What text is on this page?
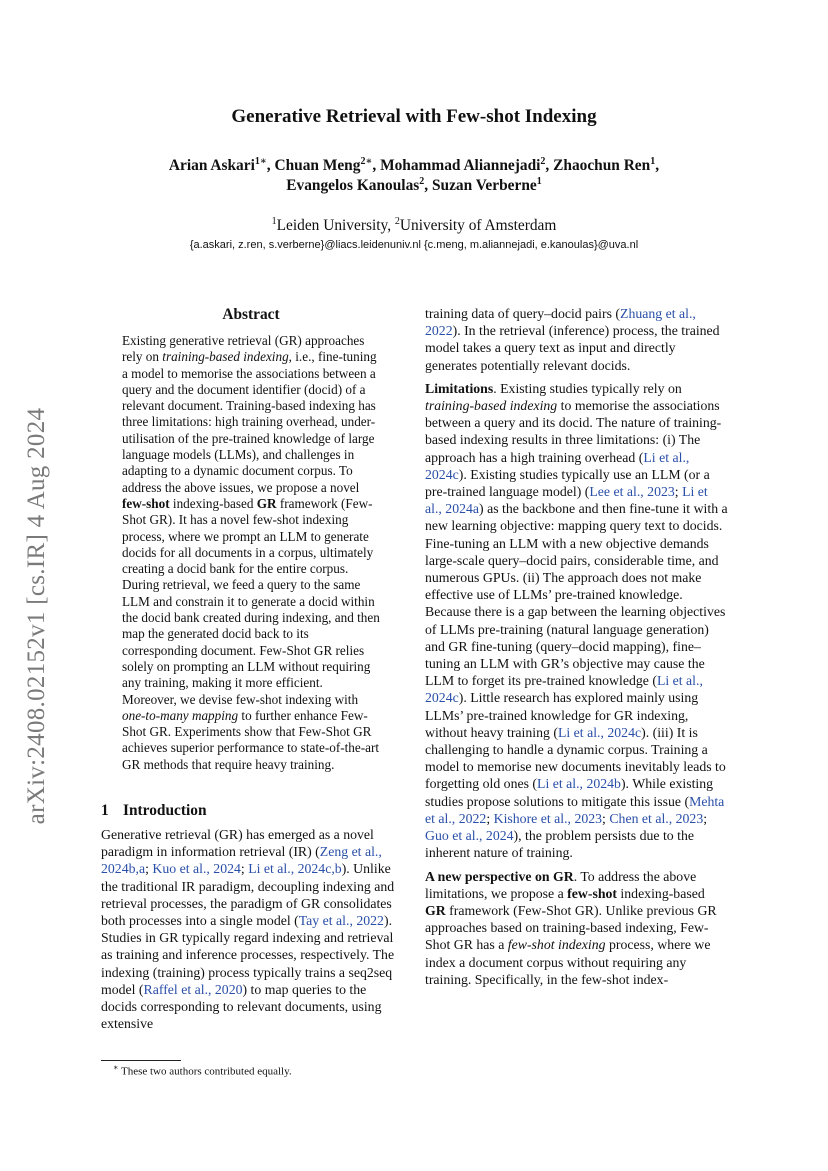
arXiv:2408.02152v1 [cs.IR] 4 Aug 2024
Generative Retrieval with Few-shot Indexing
Arian Askari$^{1∗}$, Chuan Meng$^{2∗}$, Mohammad Aliannejadi$^2$, Zhaochun Ren$^1$,
Evangelos Kanoulas$^2$, Suzan Verberne$^1$
$^1$Leiden University, $^2$University of Amsterdam
{a.askari, z.ren, s.verberne}@liacs.leidenuniv.nl {c.meng, m.aliannejadi, e.kanoulas}@uva.nl
Abstract

Existing generative retrieval (GR) approaches rely on training-based indexing, i.e., fine-tuning a model to memorise the associations between a query and the document identifier (docid) of a relevant document. Training-based indexing has three limitations: high training overhead, under-utilisation of the pre-trained knowledge of large language models (LLMs), and challenges in adapting to a dynamic document corpus. To address the above issues, we propose a novel few-shot indexing-based GR framework (Few-Shot GR). It has a novel few-shot indexing process, where we prompt an LLM to generate docids for all documents in a corpus, ultimately creating a docid bank for the entire corpus. During retrieval, we feed a query to the same LLM and constrain it to generate a docid within the docid bank created during indexing, and then map the generated docid back to its corresponding document. Few-Shot GR relies solely on prompting an LLM without requiring any training, making it more efficient. Moreover, we devise few-shot indexing with one-to-many mapping to further enhance Few-Shot GR. Experiments show that Few-Shot GR achieves superior performance to state-of-the-art GR methods that require heavy training.

1 Introduction

Generative retrieval (GR) has emerged as a novel paradigm in information retrieval (IR) (Zeng et al., 2024b,a; Kuo et al., 2024; Li et al., 2024c,b). Unlike the traditional IR paradigm, decoupling indexing and retrieval processes, the paradigm of GR consolidates both processes into a single model (Tay et al., 2022). Studies in GR typically regard indexing and retrieval as training and inference processes, respectively. The indexing (training) process typically trains a seq2seq model (Raffel et al., 2020) to map queries to the docids corresponding to relevant documents, using extensive

training data of query–docid pairs (Zhuang et al., 2022). In the retrieval (inference) process, the trained model takes a query text as input and directly generates potentially relevant docids.

Limitations. Existing studies typically rely on training-based indexing to memorise the associations between a query and its docid. The nature of training-based indexing results in three limitations: (i) The approach has a high training overhead (Li et al., 2024c). Existing studies typically use an LLM (or a pre-trained language model) (Lee et al., 2023; Li et al., 2024a) as the backbone and then fine-tune it with a new learning objective: mapping query text to docids. Fine-tuning an LLM with a new objective demands large-scale query–docid pairs, considerable time, and numerous GPUs. (ii) The approach does not make effective use of LLMs’ pre-trained knowledge. Because there is a gap between the learning objectives of LLMs pre-training (natural language generation) and GR fine-tuning (query–docid mapping), fine–tuning an LLM with GR’s objective may cause the LLM to forget its pre-trained knowledge (Li et al., 2024c). Little research has explored mainly using LLMs’ pre-trained knowledge for GR indexing, without heavy training (Li et al., 2024c). (iii) It is challenging to handle a dynamic corpus. Training a model to memorise new documents inevitably leads to forgetting old ones (Li et al., 2024b). While existing studies propose solutions to mitigate this issue (Mehta et al., 2022; Kishore et al., 2023; Chen et al., 2023; Guo et al., 2024), the problem persists due to the inherent nature of training.

A new perspective on GR. To address the above limitations, we propose a few-shot indexing-based GR framework (Few-Shot GR). Unlike previous GR approaches based on training-based indexing, Few-Shot GR has a few-shot indexing process, where we index a document corpus without requiring any training. Specifically, in the few-shot index-

∗ These two authors contributed equally.
